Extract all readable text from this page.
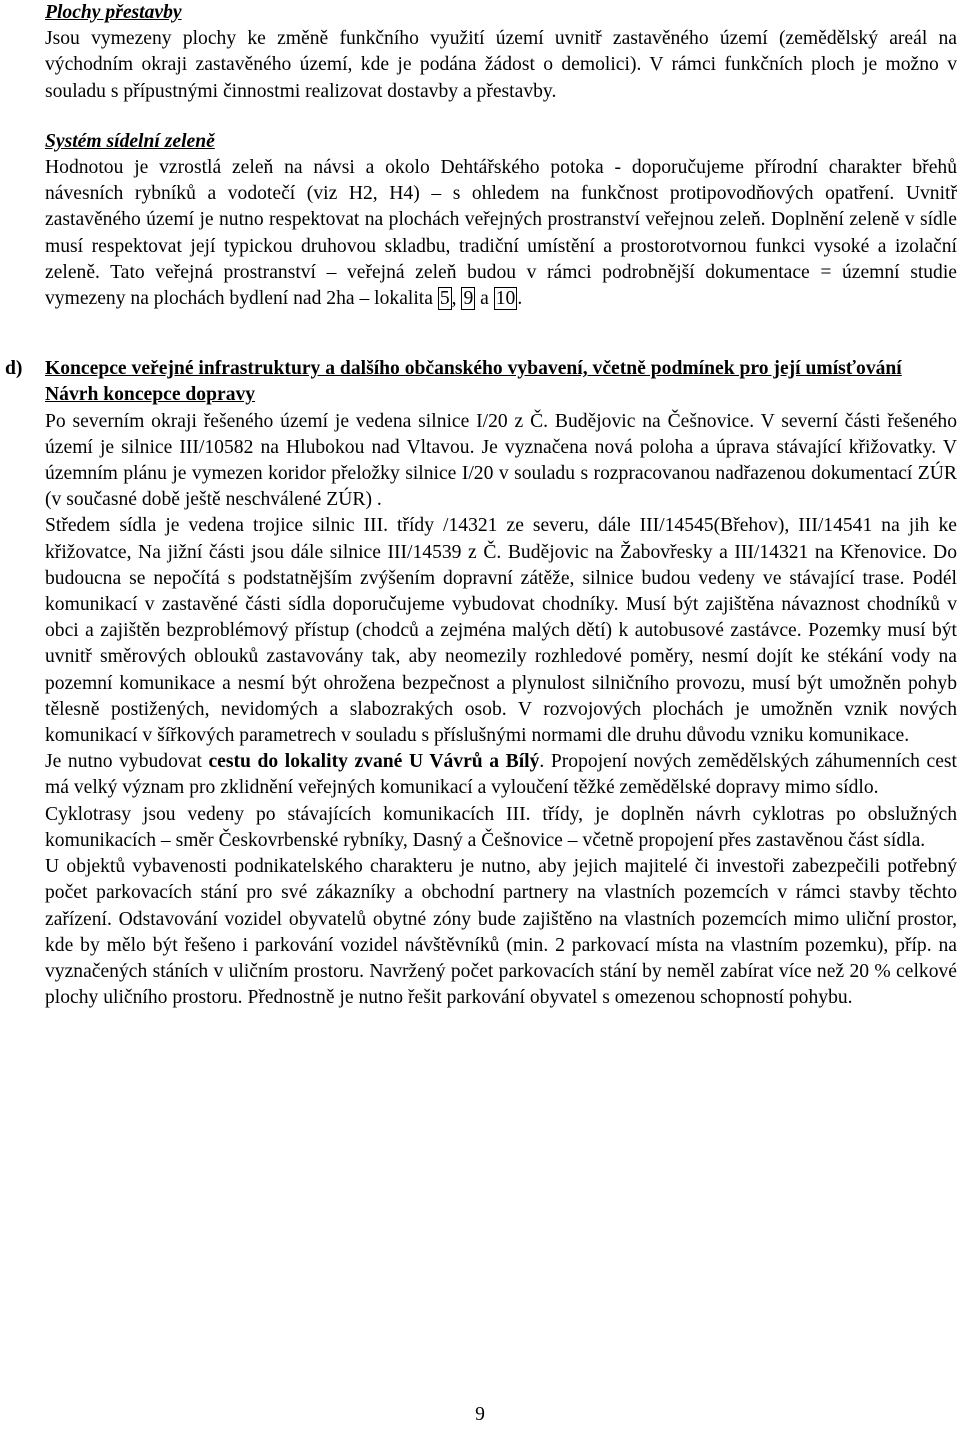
Plochy přestavby
Jsou vymezeny plochy ke změně funkčního využití území uvnitř zastavěného území (zemědělský areál na východním okraji zastavěného území, kde je podána žádost o demolici). V rámci funkčních ploch je možno v souladu s přípustnými činnostmi realizovat dostavby a přestavby.

Systém sídelní zeleně
Hodnotou je vzrostlá zeleň na návsi a okolo Dehtářského potoka - doporučujeme přírodní charakter břehů návesních rybníků a vodotečí (viz H2, H4) – s ohledem na funkčnost protipovodňových opatření. Uvnitř zastavěného území je nutno respektovat na plochách veřejných prostranství veřejnou zeleň. Doplnění zeleně v sídle musí respektovat její typickou druhovou skladbu, tradiční umístění a prostorotvornou funkci vysoké a izolační zeleně. Tato veřejná prostranství – veřejná zeleň budou v rámci podrobnější dokumentace = územní studie vymezeny na plochách bydlení nad 2ha – lokalita 5 , 9 a 10 .

d) Koncepce veřejné infrastruktury a dalšího občanského vybavení, včetně podmínek pro její umísťování
Návrh koncepce dopravy
Po severním okraji řešeného území je vedena silnice I/20 z Č. Budějovic na Češnovice. V severní části řešeného území je silnice III/10582 na Hlubokou nad Vltavou. Je vyznačena nová poloha a úprava stávající křižovatky. V územním plánu je vymezen koridor přeložky silnice I/20 v souladu s rozpracovanou nadřazenou dokumentací ZÚR (v současné době ještě neschválené ZÚR) .

Středem sídla je vedena trojice silnic III. třídy /14321 ze severu, dále III/14545(Břehov), III/14541 na jih ke křižovatce, Na jižní části jsou dále silnice III/14539 z Č. Budějovic na Žabovřesky a III/14321 na Křenovice. Do budoucna se nepočítá s podstatnějším zvýšením dopravní zátěže, silnice budou vedeny ve stávající trase. Podél komunikací v zastavěné části sídla doporučujeme vybudovat chodníky. Musí být zajištěna návaznost chodníků v obci a zajištěn bezproblémový přístup (chodců a zejména malých dětí) k autobusové zastávce. Pozemky musí být uvnitř směrových oblouků zastavovány tak, aby neomezily rozhledové poměry, nesmí dojít ke stékání vody na pozemní komunikace a nesmí být ohrožena bezpečnost a plynulost silničního provozu, musí být umožněn pohyb tělesně postižených, nevidomých a slabozrakých osob. V rozvojových plochách je umožněn vznik nových komunikací v šířkových parametrech v souladu s příslušnými normami dle druhu důvodu vzniku komunikace.

Je nutno vybudovat cestu do lokality zvané U Vávrů a Bílý. Propojení nových zemědělských záhumenních cest má velký význam pro zklidnění veřejných komunikací a vyloučení těžké zemědělské dopravy mimo sídlo.

Cyklotrasy jsou vedeny po stávajících komunikacích III. třídy, je doplněn návrh cyklotras po obslužných komunikacích – směr Českovrbenské rybníky, Dasný a Češnovice – včetně propojení přes zastavěnou část sídla.

U objektů vybavenosti podnikatelského charakteru je nutno, aby jejich majitelé či investoři zabezpečili potřebný počet parkovacích stání pro své zákazníky a obchodní partnery na vlastních pozemcích v rámci stavby těchto zařízení. Odstavování vozidel obyvatelů obytné zóny bude zajištěno na vlastních pozemcích mimo uliční prostor, kde by mělo být řešeno i parkování vozidel návštěvníků (min. 2 parkovací místa na vlastním pozemku), příp. na vyznačených stáních v uličním prostoru. Navržený počet parkovacích stání by neměl zabírat více než 20 % celkové plochy uličního prostoru. Přednostně je nutno řešit parkování obyvatel s omezenou schopností pohybu.

9
